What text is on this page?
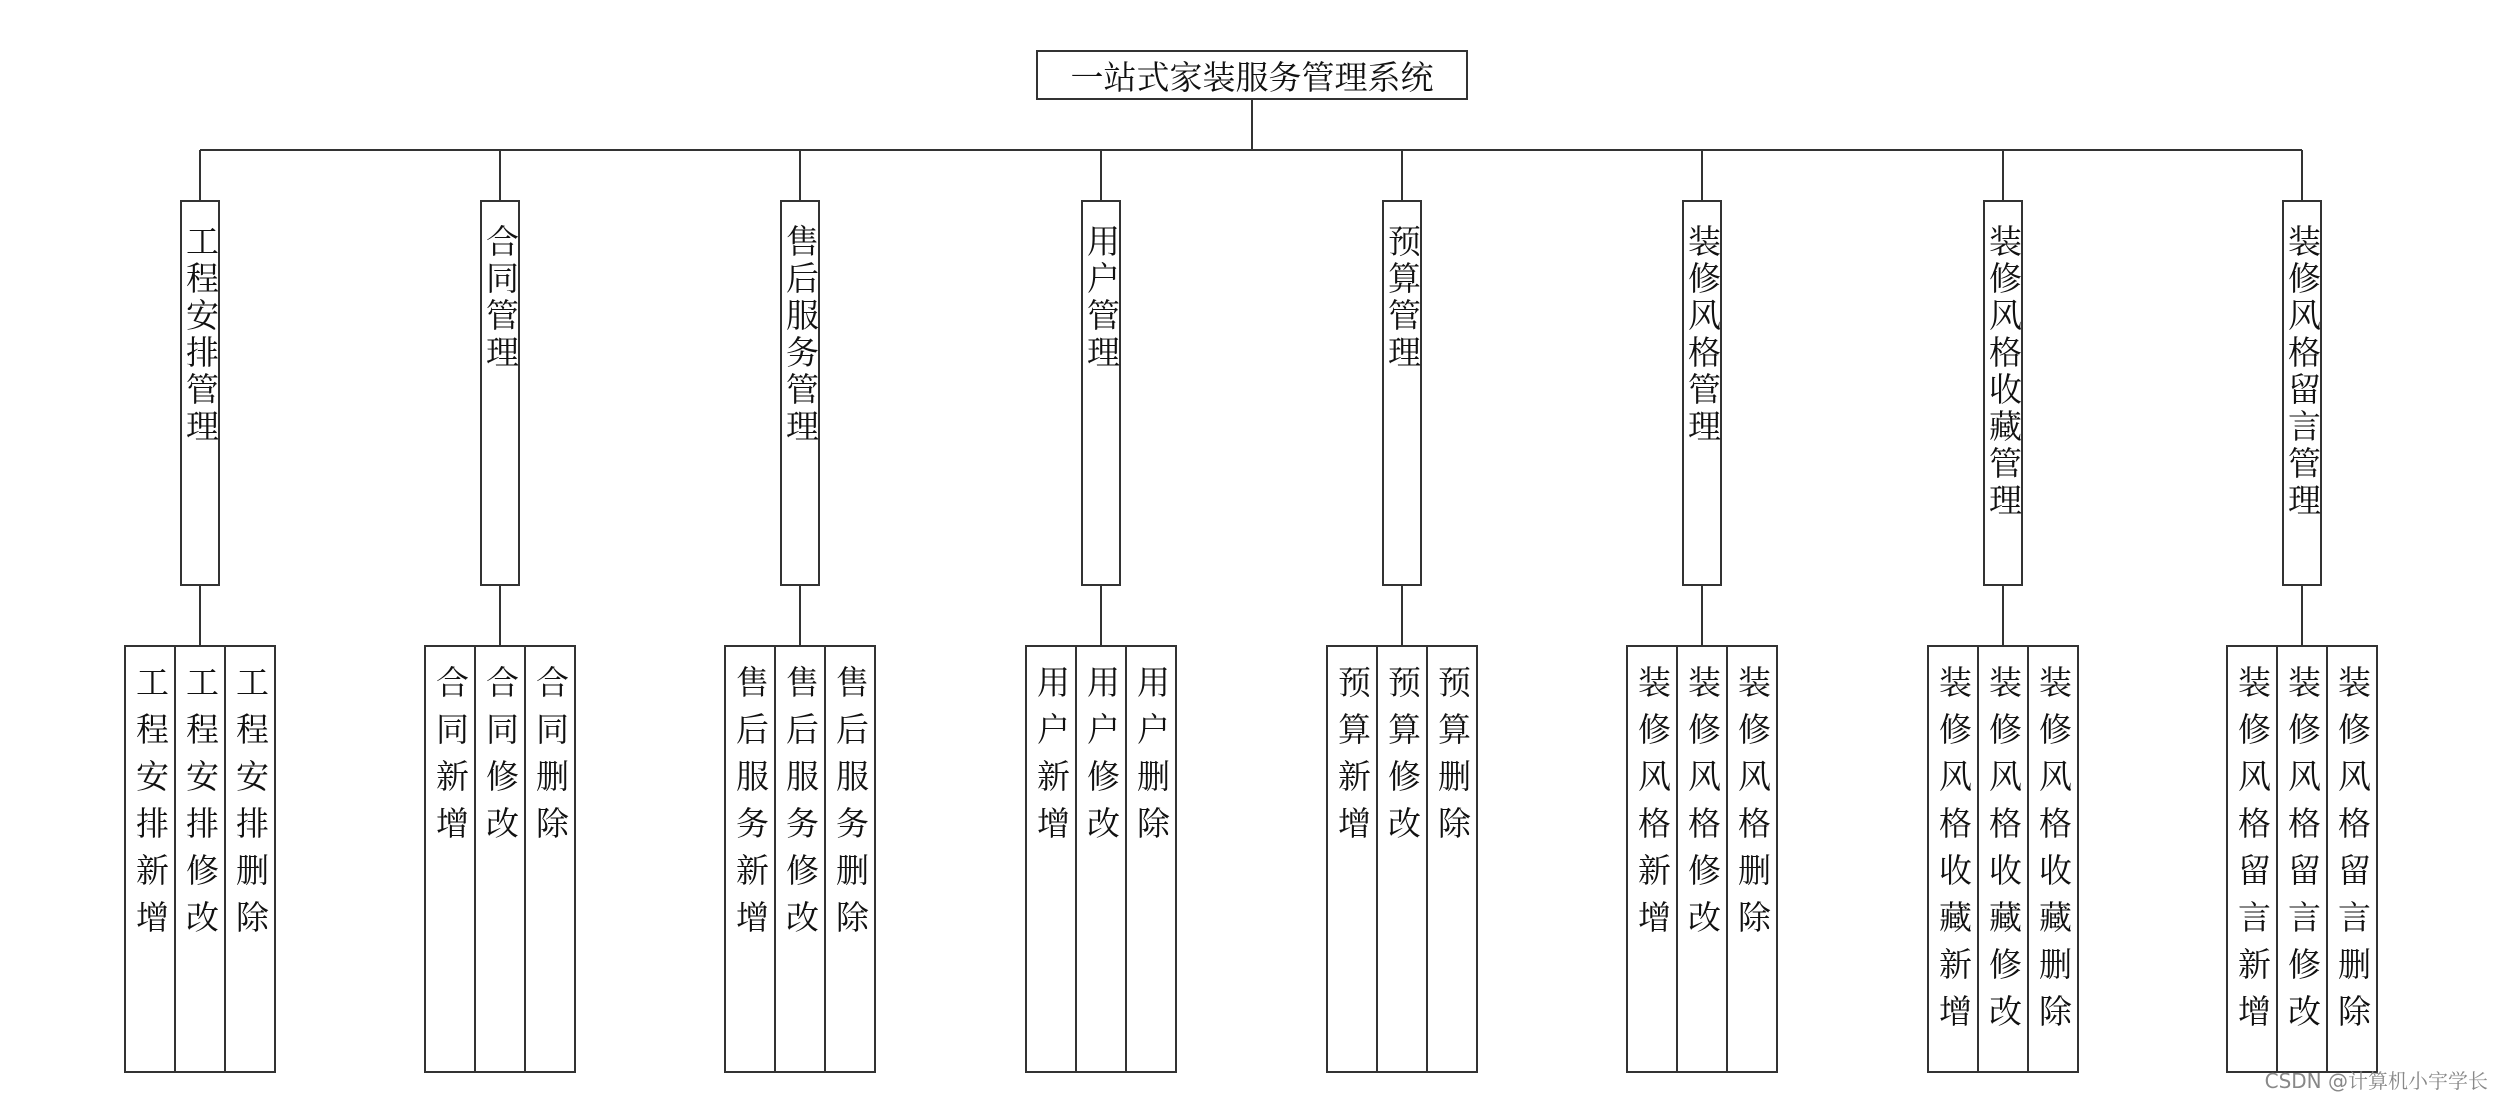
一站式家装服务管理系统
工程安排管理
工程安排新增 工程安排修改 工程安排删除
合同管理
合同新增 合同修改 合同删除
售后服务管理
售后服务新增 售后服务修改 售后服务删除
用户管理
用户新增 用户修改 用户删除
预算管理
预算新增 预算修改 预算删除
装修风格管理
装修风格新增 装修风格修改 装修风格删除
装修风格收藏管理
装修风格收藏新增 装修风格收藏修改 装修风格收藏删除
装修风格留言管理
装修风格留言新增 装修风格留言修改 装修风格留言删除
CSDN @计算机小宇学长
